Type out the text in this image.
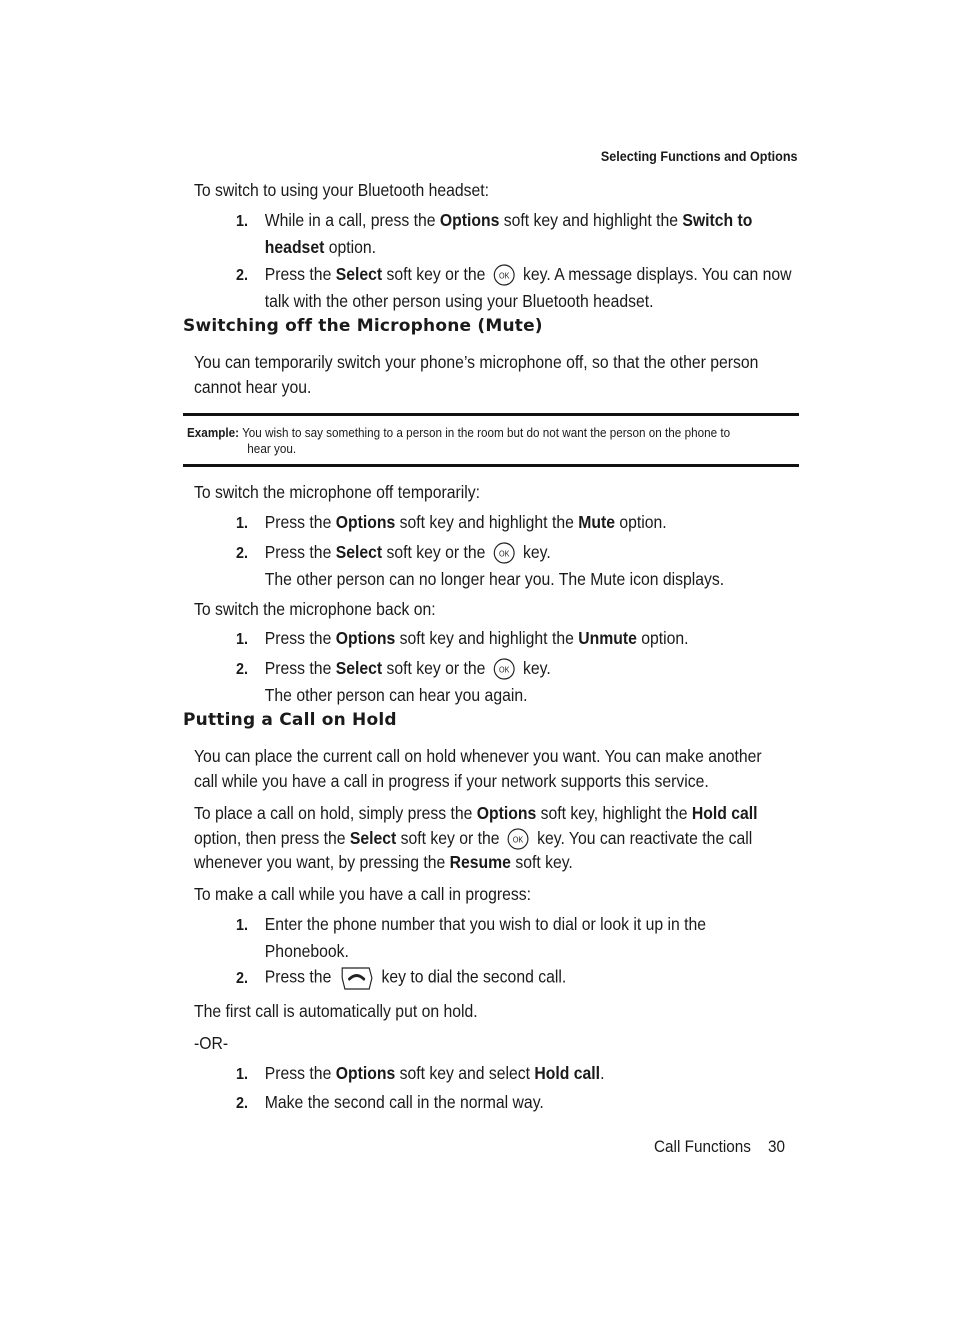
Selecting Functions and Options
To switch to using your Bluetooth headset:
1. While in a call, press the Options soft key and highlight the Switch to
headset option.
2. Press the Select soft key or the  key. A message displays. You can now
talk with the other person using your Bluetooth headset.
Switching off the Microphone (Mute)
You can temporarily switch your phone’s microphone off, so that the other person
cannot hear you.
Example: You wish to say something to a person in the room but do not want the person on the phone to
hear you.
To switch the microphone off temporarily:
1. Press the Options soft key and highlight the Mute option.
2. Press the Select soft key or the  key.
The other person can no longer hear you. The Mute icon displays.
To switch the microphone back on:
1. Press the Options soft key and highlight the Unmute option.
2. Press the Select soft key or the  key.
The other person can hear you again.
Putting a Call on Hold
You can place the current call on hold whenever you want. You can make another
call while you have a call in progress if your network supports this service.
To place a call on hold, simply press the Options soft key, highlight the Hold call
option, then press the Select soft key or the  key. You can reactivate the call
whenever you want, by pressing the Resume soft key.
To make a call while you have a call in progress:
1. Enter the phone number that you wish to dial or look it up in the
Phonebook.
2. Press the  key to dial the second call.
The first call is automatically put on hold.
-OR-
1. Press the Options soft key and select Hold call.
2. Make the second call in the normal way.
Call Functions 30
